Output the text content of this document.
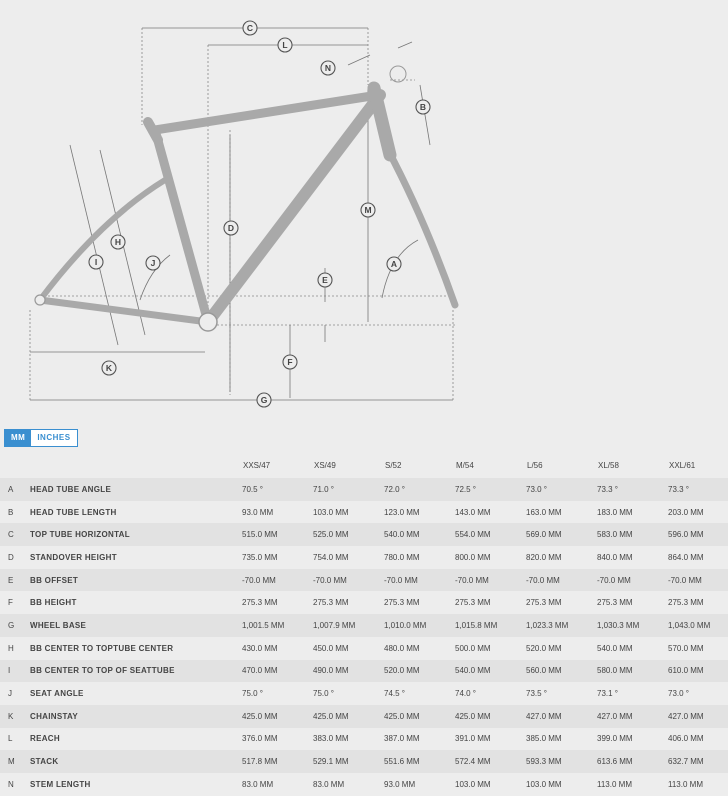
C
L
N
B
D
M
H
I	J	A
E
F
K
G
MM	INCHES
		XXS/47	XS/49	S/52	M/54	L/56	XL/58	XXL/61
A	HEAD TUBE ANGLE	70.5 °	71.0 °	72.0 °	72.5 °	73.0 °	73.3 °	73.3 °
B	HEAD TUBE LENGTH	93.0 MM	103.0 MM	123.0 MM	143.0 MM	163.0 MM	183.0 MM	203.0 MM
C	TOP TUBE HORIZONTAL	515.0 MM	525.0 MM	540.0 MM	554.0 MM	569.0 MM	583.0 MM	596.0 MM
D	STANDOVER HEIGHT	735.0 MM	754.0 MM	780.0 MM	800.0 MM	820.0 MM	840.0 MM	864.0 MM
E	BB OFFSET	-70.0 MM	-70.0 MM	-70.0 MM	-70.0 MM	-70.0 MM	-70.0 MM	-70.0 MM
F	BB HEIGHT	275.3 MM	275.3 MM	275.3 MM	275.3 MM	275.3 MM	275.3 MM	275.3 MM
G	WHEEL BASE	1,001.5 MM	1,007.9 MM	1,010.0 MM	1,015.8 MM	1,023.3 MM	1,030.3 MM	1,043.0 MM
H	BB CENTER TO TOPTUBE CENTER	430.0 MM	450.0 MM	480.0 MM	500.0 MM	520.0 MM	540.0 MM	570.0 MM
I	BB CENTER TO TOP OF SEATTUBE	470.0 MM	490.0 MM	520.0 MM	540.0 MM	560.0 MM	580.0 MM	610.0 MM
J	SEAT ANGLE	75.0 °	75.0 °	74.5 °	74.0 °	73.5 °	73.1 °	73.0 °
K	CHAINSTAY	425.0 MM	425.0 MM	425.0 MM	425.0 MM	427.0 MM	427.0 MM	427.0 MM
L	REACH	376.0 MM	383.0 MM	387.0 MM	391.0 MM	385.0 MM	399.0 MM	406.0 MM
M	STACK	517.8 MM	529.1 MM	551.6 MM	572.4 MM	593.3 MM	613.6 MM	632.7 MM
N	STEM LENGTH	83.0 MM	83.0 MM	93.0 MM	103.0 MM	103.0 MM	113.0 MM	113.0 MM
